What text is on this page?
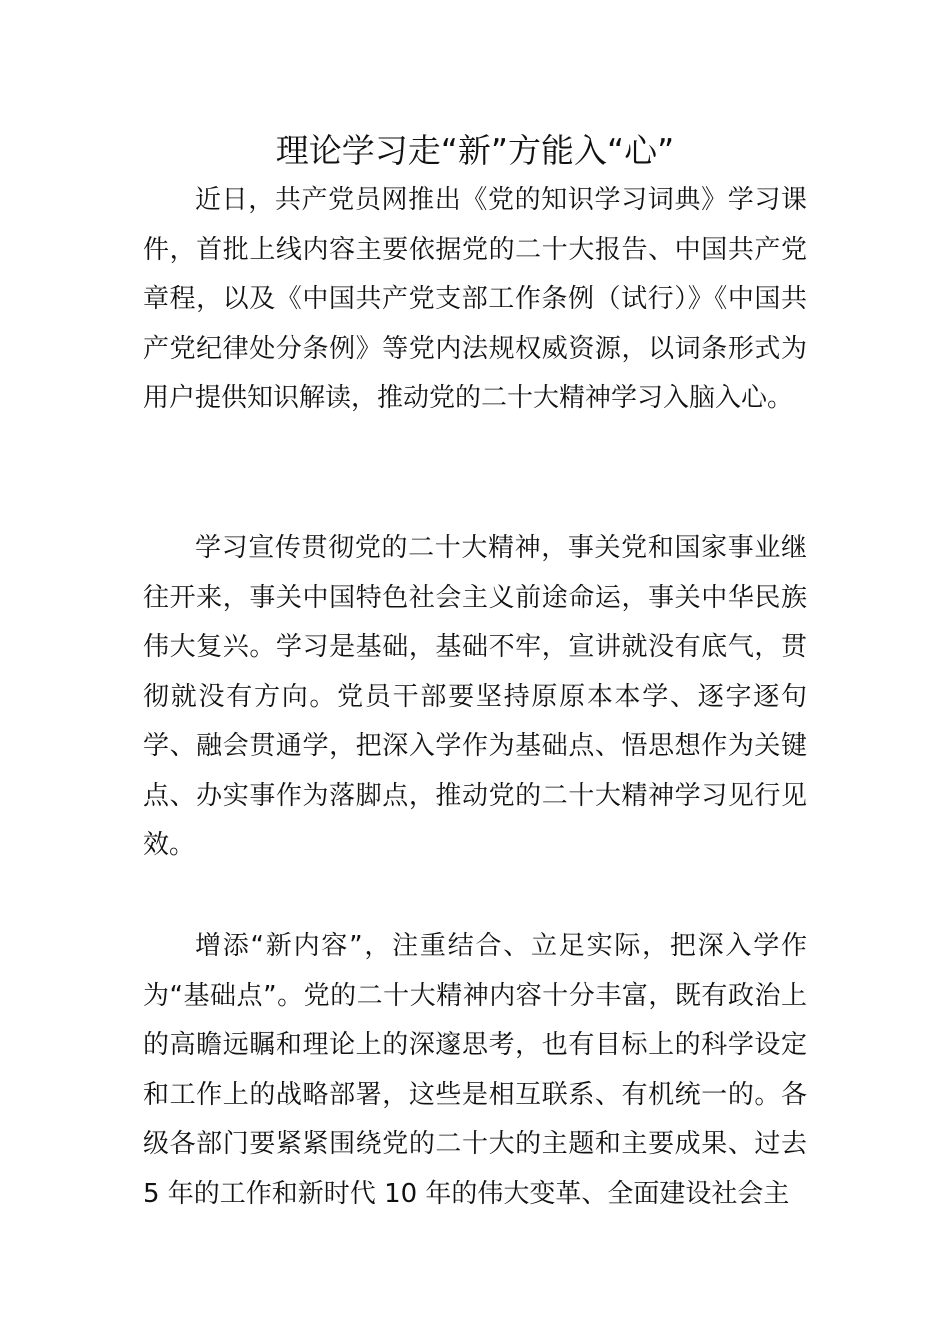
理论学习走“新”方能入“心”

近日，共产党员网推出《党的知识学习词典》学习课件，首批上线内容主要依据党的二十大报告、中国共产党章程，以及《中国共产党支部工作条例（试行）》《中国共产党纪律处分条例》等党内法规权威资源，以词条形式为用户提供知识解读，推动党的二十大精神学习入脑入心。

学习宣传贯彻党的二十大精神，事关党和国家事业继往开来，事关中国特色社会主义前途命运，事关中华民族伟大复兴。学习是基础，基础不牢，宣讲就没有底气，贯彻就没有方向。党员干部要坚持原原本本学、逐字逐句学、融会贯通学，把深入学作为基础点、悟思想作为关键点、办实事作为落脚点，推动党的二十大精神学习见行见效。

增添“新内容”，注重结合、立足实际，把深入学作为“基础点”。党的二十大精神内容十分丰富，既有政治上的高瞻远瞩和理论上的深邃思考，也有目标上的科学设定和工作上的战略部署，这些是相互联系、有机统一的。各级各部门要紧紧围绕党的二十大的主题和主要成果、过去 5 年的工作和新时代 10 年的伟大变革、全面建设社会主
